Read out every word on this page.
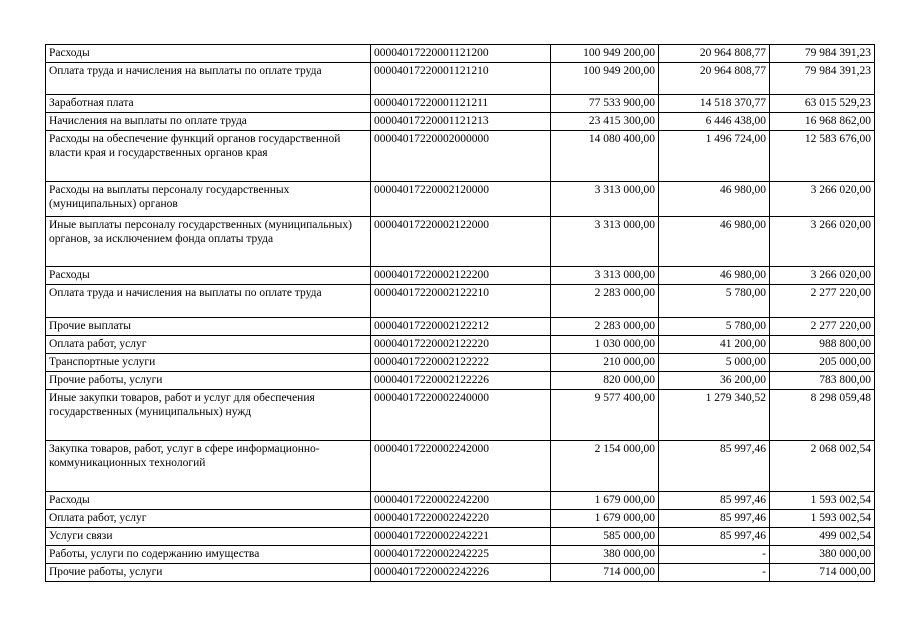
Расходы	00004017220001121200	100 949 200,00	20 964 808,77	79 984 391,23
Оплата труда и начисления на выплаты по оплате труда	00004017220001121210	100 949 200,00	20 964 808,77	79 984 391,23
Заработная плата	00004017220001121211	77 533 900,00	14 518 370,77	63 015 529,23
Начисления на выплаты по оплате труда	00004017220001121213	23 415 300,00	6 446 438,00	16 968 862,00
Расходы на обеспечение функций органов государственной власти края и государственных органов края	00004017220002000000	14 080 400,00	1 496 724,00	12 583 676,00
Расходы на выплаты персоналу государственных (муниципальных) органов	00004017220002120000	3 313 000,00	46 980,00	3 266 020,00
Иные выплаты персоналу государственных (муниципальных) органов, за исключением фонда оплаты труда	00004017220002122000	3 313 000,00	46 980,00	3 266 020,00
Расходы	00004017220002122200	3 313 000,00	46 980,00	3 266 020,00
Оплата труда и начисления на выплаты по оплате труда	00004017220002122210	2 283 000,00	5 780,00	2 277 220,00
Прочие выплаты	00004017220002122212	2 283 000,00	5 780,00	2 277 220,00
Оплата работ, услуг	00004017220002122220	1 030 000,00	41 200,00	988 800,00
Транспортные услуги	00004017220002122222	210 000,00	5 000,00	205 000,00
Прочие работы, услуги	00004017220002122226	820 000,00	36 200,00	783 800,00
Иные закупки товаров, работ и услуг для обеспечения государственных (муниципальных) нужд	00004017220002240000	9 577 400,00	1 279 340,52	8 298 059,48
Закупка товаров, работ, услуг в сфере информационно-коммуникационных технологий	00004017220002242000	2 154 000,00	85 997,46	2 068 002,54
Расходы	00004017220002242200	1 679 000,00	85 997,46	1 593 002,54
Оплата работ, услуг	00004017220002242220	1 679 000,00	85 997,46	1 593 002,54
Услуги связи	00004017220002242221	585 000,00	85 997,46	499 002,54
Работы, услуги по содержанию имущества	00004017220002242225	380 000,00	-	380 000,00
Прочие работы, услуги	00004017220002242226	714 000,00	-	714 000,00
